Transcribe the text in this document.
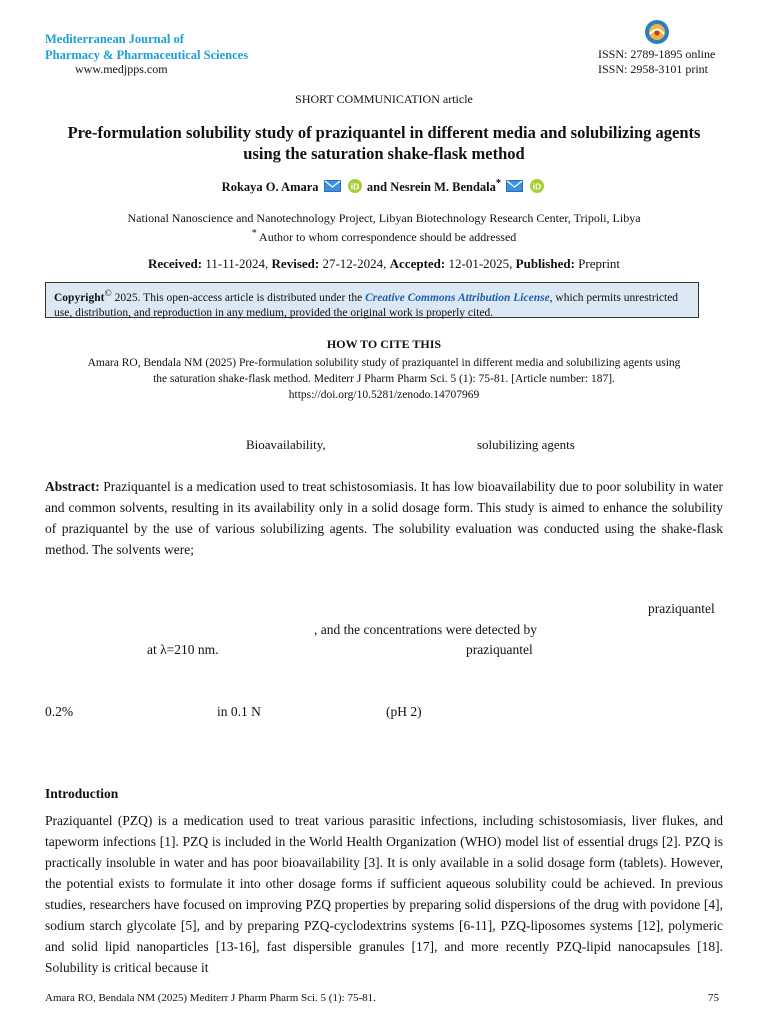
Mediterranean Journal of
Pharmacy & Pharmaceutical Sciences
www.medjpps.com
ISSN: 2789-1895 online
ISSN: 2958-3101 print
SHORT COMMUNICATION article
Pre-formulation solubility study of praziquantel in different media and solubilizing agents using the saturation shake-flask method
Rokaya O. Amara	iD and Nesrein M. Bendala*	iD
National Nanoscience and Nanotechnology Project, Libyan Biotechnology Research Center, Tripoli, Libya
* Author to whom correspondence should be addressed
Received: 11-11-2024, Revised: 27-12-2024, Accepted: 12-01-2025, Published: Preprint
Copyright© 2025. This open-access article is distributed under the Creative Commons Attribution License, which permits unrestricted use, distribution, and reproduction in any medium, provided the original work is properly cited.
HOW TO CITE THIS
Amara RO, Bendala NM (2025) Pre-formulation solubility study of praziquantel in different media and solubilizing agents using
the saturation shake-flask method. Mediterr J Pharm Pharm Sci. 5 (1): 75-81. [Article number: 187].
https://doi.org/10.5281/zenodo.14707969
Bioavailability,	solubilizing agents
Abstract: Praziquantel is a medication used to treat schistosomiasis. It has low bioavailability due to poor solubility in water and common solvents, resulting in its availability only in a solid dosage form. This study is aimed to enhance the solubility of praziquantel by the use of various solubilizing agents. The solubility evaluation was conducted using the shake-flask method. The solvents were;
praziquantel
, and the concentrations were detected by
at λ=210 nm.	praziquantel
0.2%	in 0.1 N	(pH 2)
Introduction
Praziquantel (PZQ) is a medication used to treat various parasitic infections, including schistosomiasis, liver flukes, and tapeworm infections [1]. PZQ is included in the World Health Organization (WHO) model list of essential drugs [2]. PZQ is practically insoluble in water and has poor bioavailability [3]. It is only available in a solid dosage form (tablets). However, the potential exists to formulate it into other dosage forms if sufficient aqueous solubility could be achieved. In previous studies, researchers have focused on improving PZQ properties by preparing solid dispersions of the drug with povidone [4], sodium starch glycolate [5], and by preparing PZQ-cyclodextrins systems [6-11], PZQ-liposomes systems [12], polymeric and solid lipid nanoparticles [13-16], fast dispersible granules [17], and more recently PZQ-lipid nanocapsules [18]. Solubility is critical because it
Amara RO, Bendala NM (2025) Mediterr J Pharm Pharm Sci. 5 (1): 75-81.	75
